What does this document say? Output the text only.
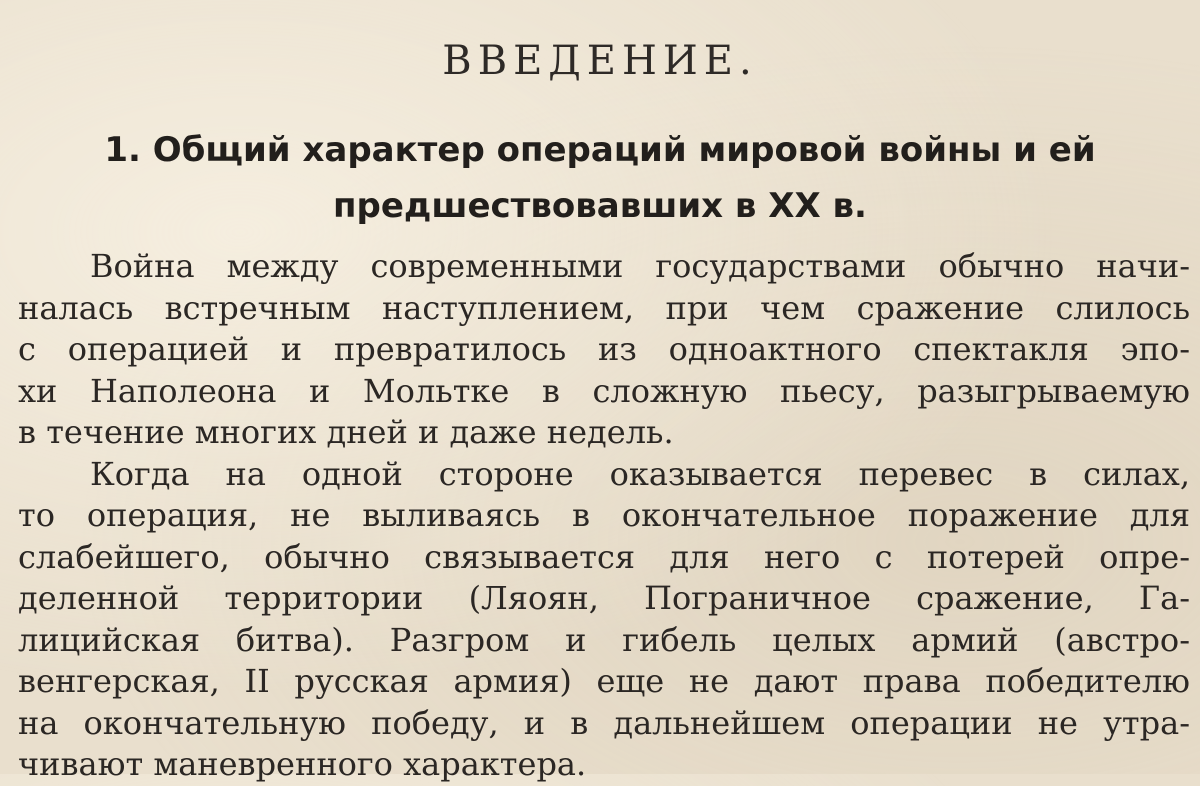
ВВЕДЕНИЕ.
1. Общий характер операций мировой войны и ей
предшествовавших в XX в.

Война между современными государствами обычно начи-
налась встречным наступлением, при чем сражение слилось
с операцией и превратилось из одноактного спектакля эпо-
хи Наполеона и Мольтке в сложную пьесу, разыгрываемую
в течение многих дней и даже недель.

Когда на одной стороне оказывается перевес в силах,
то операция, не выливаясь в окончательное поражение для
слабейшего, обычно связывается для него с потерей опре-
деленной территории (Ляоян, Пограничное сражение, Га-
лицийская битва). Разгром и гибель целых армий (австро-
венгерская, II русская армия) еще не дают права победителю
на окончательную победу, и в дальнейшем операции не утра-
чивают маневренного характера.
